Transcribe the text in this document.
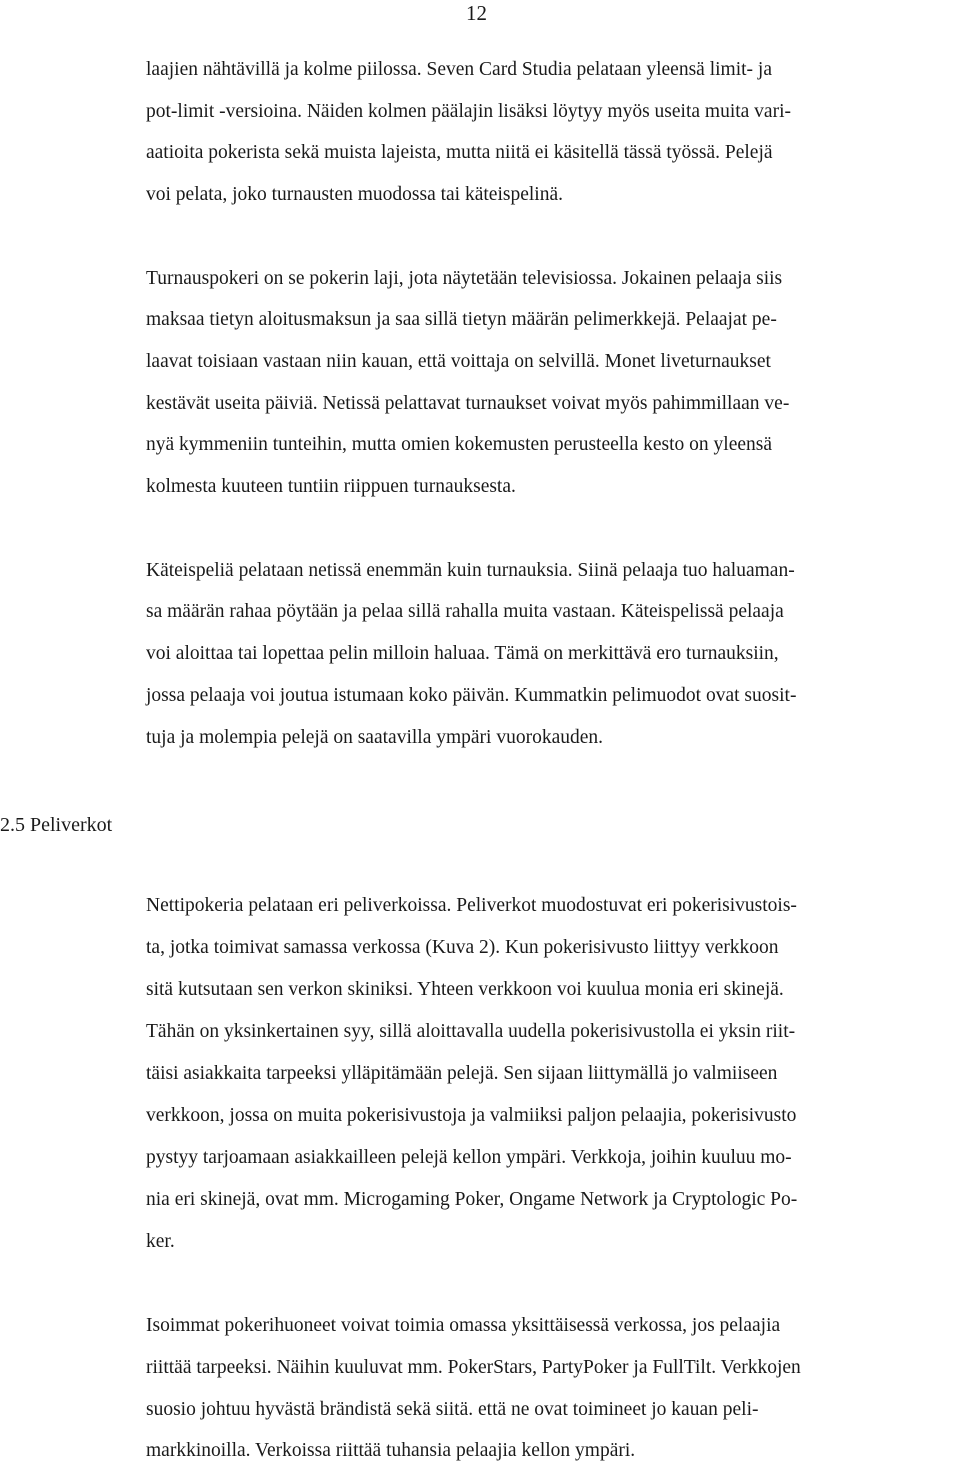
12
laajien nähtävillä ja kolme piilossa. Seven Card Studia pelataan yleensä limit- ja
pot-limit -versioina. Näiden kolmen päälajin lisäksi löytyy myös useita muita vari-
aatioita pokerista sekä muista lajeista, mutta niitä ei käsitellä tässä työssä. Pelejä
voi pelata, joko turnausten muodossa tai käteispelinä.
Turnauspokeri on se pokerin laji, jota näytetään televisiossa. Jokainen pelaaja siis
maksaa tietyn aloitusmaksun ja saa sillä tietyn määrän pelimerkkejä. Pelaajat pe-
laavat toisiaan vastaan niin kauan, että voittaja on selvillä. Monet liveturnaukset
kestävät useita päiviä. Netissä pelattavat turnaukset voivat myös pahimmillaan ve-
nyä kymmeniin tunteihin, mutta omien kokemusten perusteella kesto on yleensä
kolmesta kuuteen tuntiin riippuen turnauksesta.
Käteispeliä pelataan netissä enemmän kuin turnauksia. Siinä pelaaja tuo haluaman-
sa määrän rahaa pöytään ja pelaa sillä rahalla muita vastaan. Käteispelissä pelaaja
voi aloittaa tai lopettaa pelin milloin haluaa. Tämä on merkittävä ero turnauksiin,
jossa pelaaja voi joutua istumaan koko päivän. Kummatkin pelimuodot ovat suosit-
tuja ja molempia pelejä on saatavilla ympäri vuorokauden.
2.5 Peliverkot
Nettipokeria pelataan eri peliverkoissa. Peliverkot muodostuvat eri pokerisivustois-
ta, jotka toimivat samassa verkossa (Kuva 2). Kun pokerisivusto liittyy verkkoon
sitä kutsutaan sen verkon skiniksi. Yhteen verkkoon voi kuulua monia eri skinejä.
Tähän on yksinkertainen syy, sillä aloittavalla uudella pokerisivustolla ei yksin riit-
täisi asiakkaita tarpeeksi ylläpitämään pelejä. Sen sijaan liittymällä jo valmiiseen
verkkoon, jossa on muita pokerisivustoja ja valmiiksi paljon pelaajia, pokerisivusto
pystyy tarjoamaan asiakkailleen pelejä kellon ympäri. Verkkoja, joihin kuuluu mo-
nia eri skinejä, ovat mm. Microgaming Poker, Ongame Network ja Cryptologic Po-
ker.
Isoimmat pokerihuoneet voivat toimia omassa yksittäisessä verkossa, jos pelaajia
riittää tarpeeksi. Näihin kuuluvat mm. PokerStars, PartyPoker ja FullTilt. Verkkojen
suosio johtuu hyvästä brändistä sekä siitä. että ne ovat toimineet jo kauan peli-
markkinoilla. Verkoissa riittää tuhansia pelaajia kellon ympäri.
